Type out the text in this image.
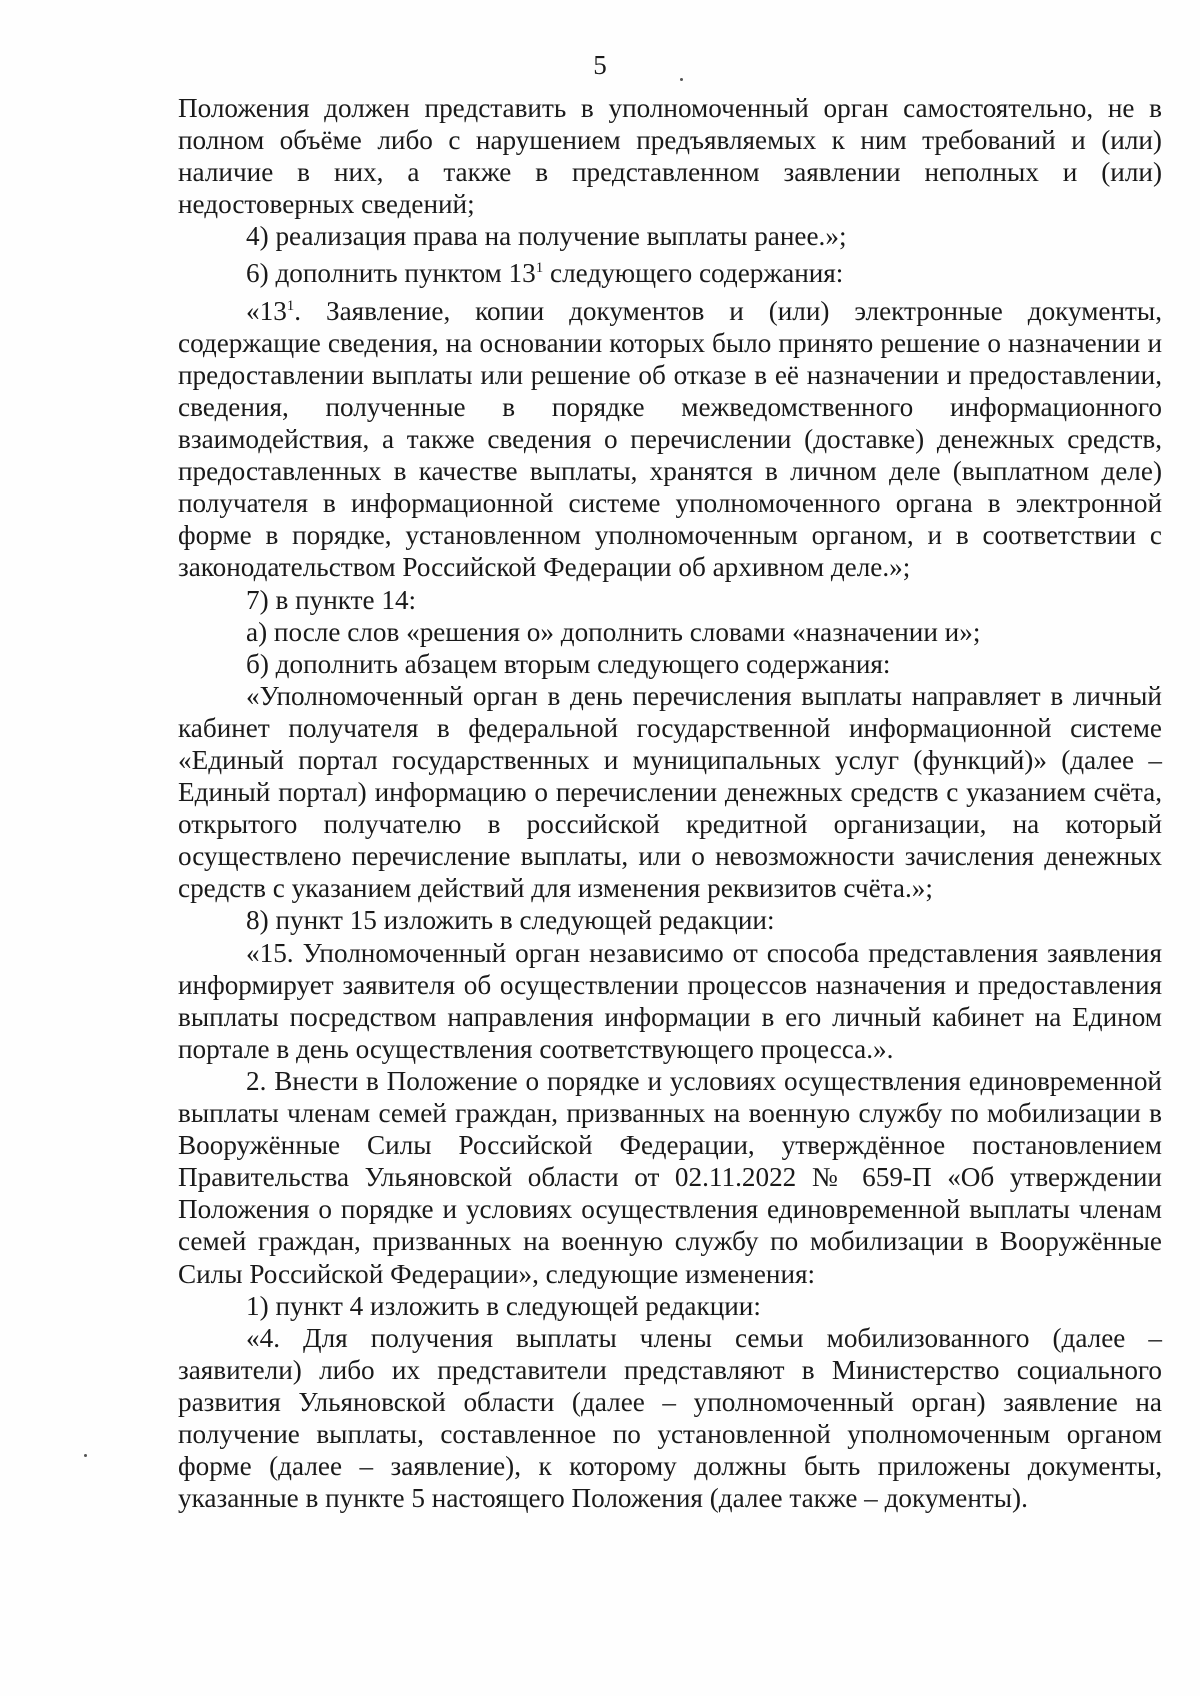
5

Положения должен представить в уполномоченный орган самостоятельно, не в полном объёме либо с нарушением предъявляемых к ним требований и (или) наличие в них, а также в представленном заявлении неполных и (или) недостоверных сведений;

4) реализация права на получение выплаты ранее.»;

6) дополнить пунктом $13^1$ следующего содержания:

«$13^1$. Заявление, копии документов и (или) электронные документы, содержащие сведения, на основании которых было принято решение о назначении и предоставлении выплаты или решение об отказе в её назначении и предоставлении, сведения, полученные в порядке межведомственного информационного взаимодействия, а также сведения о перечислении (доставке) денежных средств, предоставленных в качестве выплаты, хранятся в личном деле (выплатном деле) получателя в информационной системе уполномоченного органа в электронной форме в порядке, установленном уполномоченным органом, и в соответствии с законодательством Российской Федерации об архивном деле.»;

7) в пункте 14:

а) после слов «решения о» дополнить словами «назначении и»;

б) дополнить абзацем вторым следующего содержания:

«Уполномоченный орган в день перечисления выплаты направляет в личный кабинет получателя в федеральной государственной информационной системе «Единый портал государственных и муниципальных услуг (функций)» (далее – Единый портал) информацию о перечислении денежных средств с указанием счёта, открытого получателю в российской кредитной организации, на который осуществлено перечисление выплаты, или о невозможности зачисления денежных средств с указанием действий для изменения реквизитов счёта.»;

8) пункт 15 изложить в следующей редакции:

«15. Уполномоченный орган независимо от способа представления заявления информирует заявителя об осуществлении процессов назначения и предоставления выплаты посредством направления информации в его личный кабинет на Едином портале в день осуществления соответствующего процесса.».

2. Внести в Положение о порядке и условиях осуществления единовременной выплаты членам семей граждан, призванных на военную службу по мобилизации в Вооружённые Силы Российской Федерации, утверждённое постановлением Правительства Ульяновской области от 02.11.2022 № 659-П «Об утверждении Положения о порядке и условиях осуществления единовременной выплаты членам семей граждан, призванных на военную службу по мобилизации в Вооружённые Силы Российской Федерации», следующие изменения:

1) пункт 4 изложить в следующей редакции:

«4. Для получения выплаты члены семьи мобилизованного (далее – заявители) либо их представители представляют в Министерство социального развития Ульяновской области (далее – уполномоченный орган) заявление на получение выплаты, составленное по установленной уполномоченным органом форме (далее – заявление), к которому должны быть приложены документы, указанные в пункте 5 настоящего Положения (далее также – документы).
